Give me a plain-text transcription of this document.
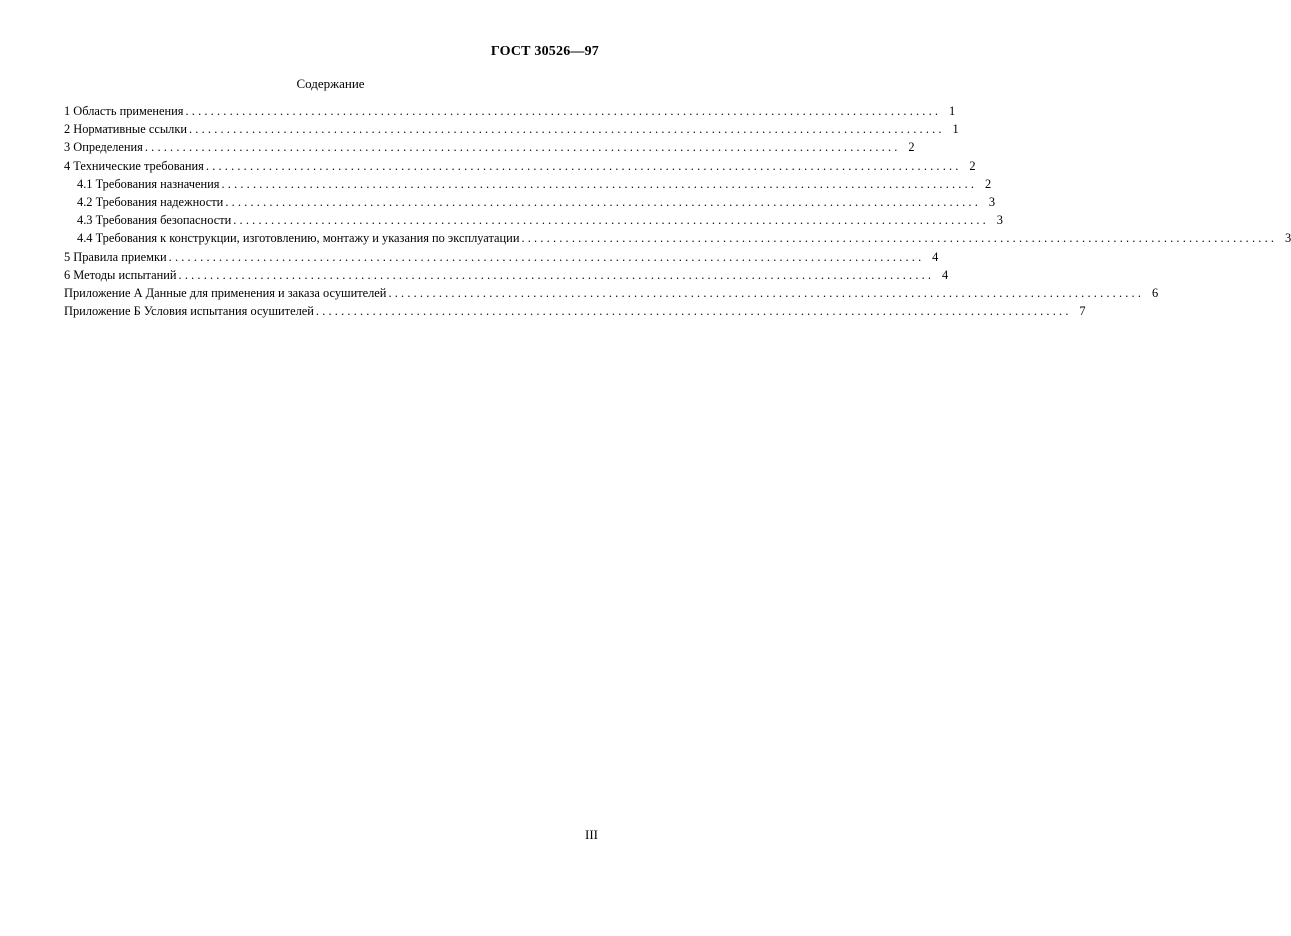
ГОСТ 30526—97
Содержание
1 Область применения ........................................................................................................................ 1
2 Нормативные ссылки ........................................................................................................................ 1
3 Определения ........................................................................................................................ 2
4 Технические требования ........................................................................................................................ 2
4.1 Требования назначения ........................................................................................................................ 2
4.2 Требования надежности ........................................................................................................................ 3
4.3 Требования безопасности ........................................................................................................................ 3
4.4 Требования к конструкции, изготовлению, монтажу и указания по эксплуатации ........................................................................................................................ 3
5 Правила приемки ........................................................................................................................ 4
6 Методы испытаний ........................................................................................................................ 4
Приложение А Данные для применения и заказа осушителей ........................................................................................................................ 6
Приложение Б Условия испытания осушителей ........................................................................................................................ 7
III
